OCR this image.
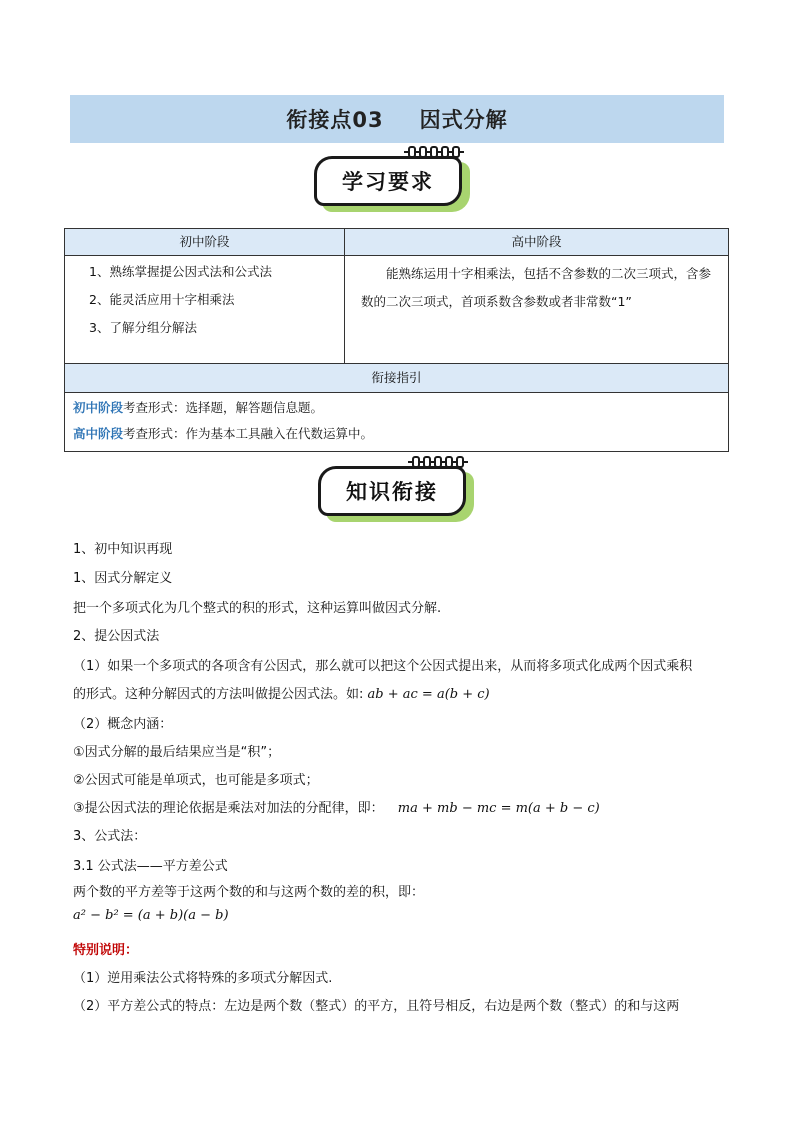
衔接点03 因式分解
学习要求
初中阶段	高中阶段

1、熟练掌握提公因式法和公式法
2、能灵活应用十字相乘法
3、了解分组分解法	能熟练运用十字相乘法，包括不含参数的二次三项式，含参数的二次三项式，首项系数含参数或者非常数“1”
衔接指引	

初中阶段考查形式：选择题，解答题信息题。
高中阶段考查形式：作为基本工具融入在代数运算中。	
知识衔接
1、初中知识再现
1、因式分解定义
把一个多项式化为几个整式的积的形式，这种运算叫做因式分解.
2、提公因式法
（1）如果一个多项式的各项含有公因式，那么就可以把这个公因式提出来，从而将多项式化成两个因式乘积
的形式。这种分解因式的方法叫做提公因式法。如: ab + ac = a(b + c)
（2）概念内涵：
①因式分解的最后结果应当是“积”；
②公因式可能是单项式，也可能是多项式；
③提公因式法的理论依据是乘法对加法的分配律，即： ma + mb − mc = m(a + b − c)
3、公式法：
3.1 公式法——平方差公式
两个数的平方差等于这两个数的和与这两个数的差的积，即：
a² − b² = (a + b)(a − b)
特别说明：
（1）逆用乘法公式将特殊的多项式分解因式.
（2）平方差公式的特点：左边是两个数（整式）的平方，且符号相反，右边是两个数（整式）的和与这两
